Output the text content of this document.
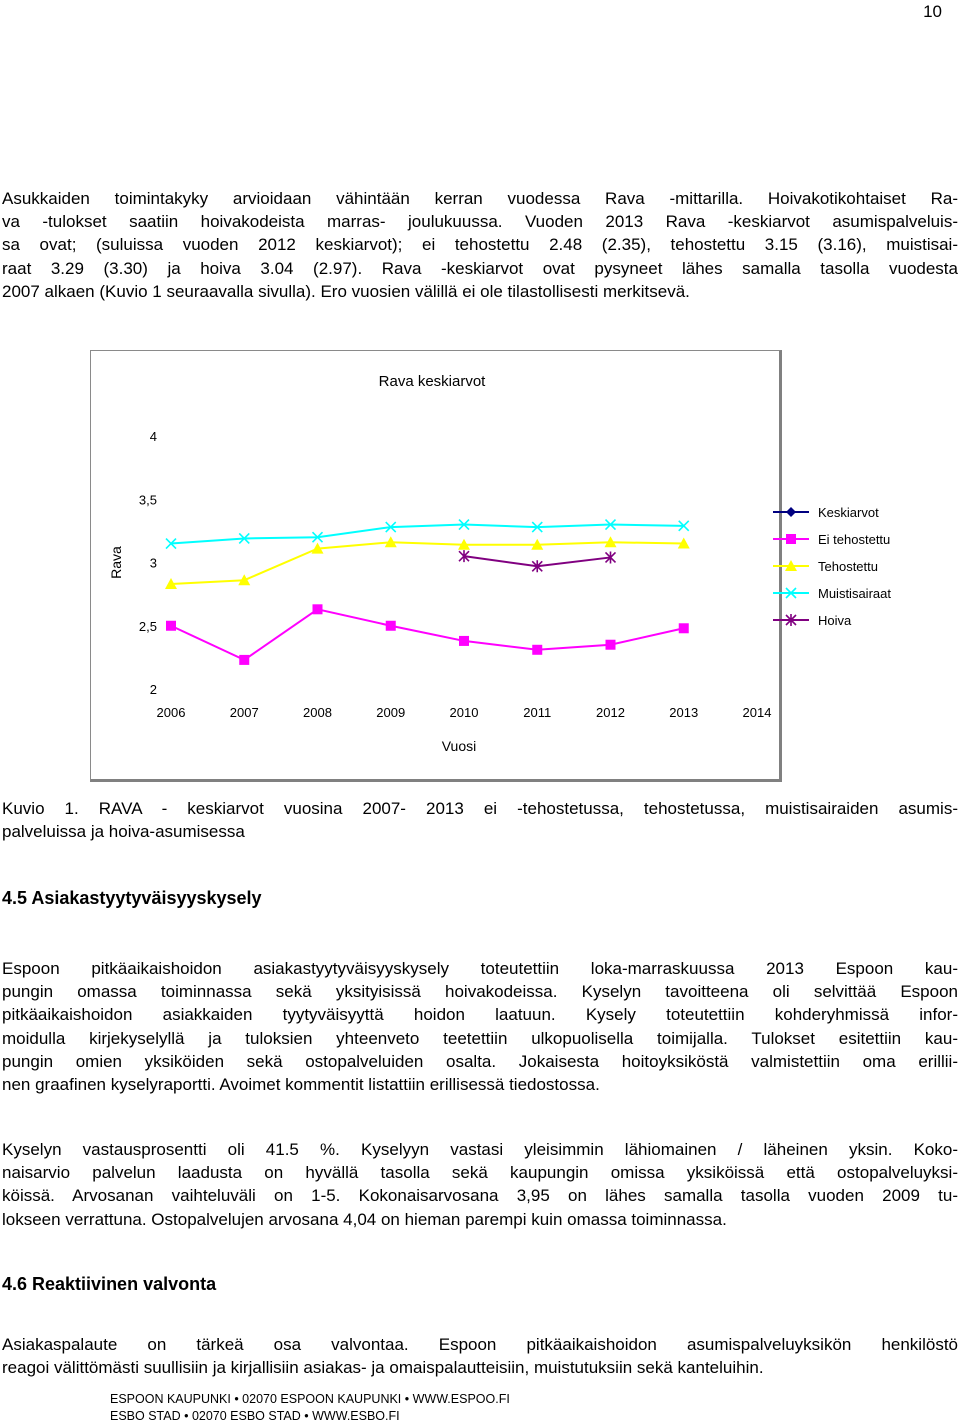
10
Asukkaiden toimintakyky arvioidaan vähintään kerran vuodessa Rava -mittarilla. Hoivakotikohtaiset Ra-
va -tulokset saatiin hoivakodeista marras- joulukuussa. Vuoden 2013 Rava -keskiarvot asumispalveluis-
sa ovat; (suluissa vuoden 2012 keskiarvot); ei tehostettu 2.48 (2.35), tehostettu 3.15 (3.16), muistisai-
raat 3.29 (3.30) ja hoiva 3.04 (2.97). Rava -keskiarvot ovat pysyneet lähes samalla tasolla vuodesta
2007 alkaen (Kuvio 1 seuraavalla sivulla). Ero vuosien välillä ei ole tilastollisesti merkitsevä.
Rava keskiarvot
Rava
Vuosi
2
2,5
3
3,5
4
2006	2007	2008	2009	2010	2011	2012	2013	2014
Keskiarvot
Ei tehostettu
Tehostettu
Muistisairaat
Hoiva
Kuvio 1. RAVA - keskiarvot vuosina 2007- 2013 ei -tehostetussa, tehostetussa, muistisairaiden asumis-
palveluissa ja hoiva-asumisessa
4.5 Asiakastyytyväisyyskysely
Espoon pitkäaikaishoidon asiakastyytyväisyyskysely toteutettiin loka-marraskuussa 2013 Espoon kau-
pungin omassa toiminnassa sekä yksityisissä hoivakodeissa. Kyselyn tavoitteena oli selvittää Espoon
pitkäaikaishoidon asiakkaiden tyytyväisyyttä hoidon laatuun. Kysely toteutettiin kohderyhmissä infor-
moidulla kirjekyselyllä ja tuloksien yhteenveto teetettiin ulkopuolisella toimijalla. Tulokset esitettiin kau-
pungin omien yksiköiden sekä ostopalveluiden osalta. Jokaisesta hoitoyksiköstä valmistettiin oma erillii-
nen graafinen kyselyraportti. Avoimet kommentit listattiin erillisessä tiedostossa.
Kyselyn vastausprosentti oli 41.5 %. Kyselyyn vastasi yleisimmin lähiomainen / läheinen yksin. Koko-
naisarvio palvelun laadusta on hyvällä tasolla sekä kaupungin omissa yksiköissä että ostopalveluyksi-
köissä. Arvosanan vaihteluväli on 1-5. Kokonaisarvosana 3,95 on lähes samalla tasolla vuoden 2009 tu-
lokseen verrattuna. Ostopalvelujen arvosana 4,04 on hieman parempi kuin omassa toiminnassa.
4.6 Reaktiivinen valvonta
Asiakaspalaute on tärkeä osa valvontaa. Espoon pitkäaikaishoidon asumispalveluyksikön henkilöstö
reagoi välittömästi suullisiin ja kirjallisiin asiakas- ja omaispalautteisiin, muistutuksiin sekä kanteluihin.
ESPOON KAUPUNKI • 02070 ESPOON KAUPUNKI • WWW.ESPOO.FI
ESBO STAD • 02070 ESBO STAD • WWW.ESBO.FI
